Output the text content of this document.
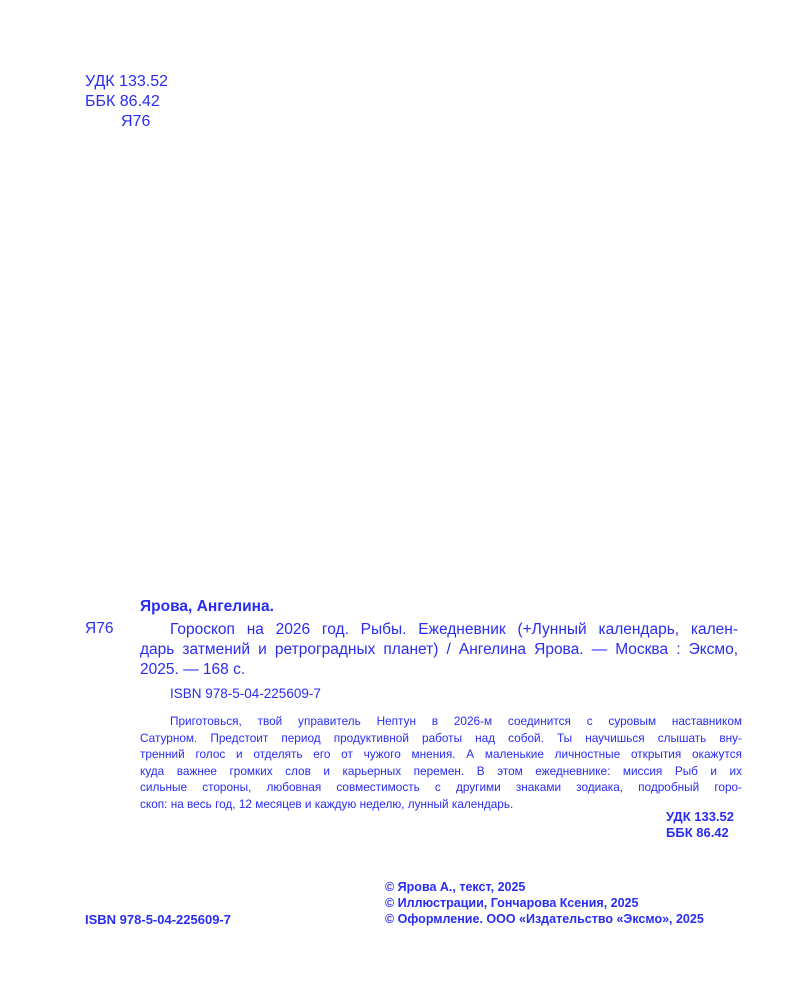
УДК 133.52
ББК 86.42
Я76
Ярова, Ангелина.
Я76	Гороскоп на 2026 год. Рыбы. Ежедневник (+Лунный календарь, кален-
дарь затмений и ретроградных планет) / Ангелина Ярова. — Москва : Эксмо,
2025. — 168 с.
ISBN 978-5-04-225609-7
Приготовься, твой управитель Нептун в 2026-м соединится с суровым наставником
Сатурном. Предстоит период продуктивной работы над собой. Ты научишься слышать вну-
тренний голос и отделять его от чужого мнения. А маленькие личностные открытия окажутся
куда важнее громких слов и карьерных перемен. В этом ежедневнике: миссия Рыб и их
сильные стороны, любовная совместимость с другими знаками зодиака, подробный горо-
скоп: на весь год, 12 месяцев и каждую неделю, лунный календарь.
УДК 133.52
ББК 86.42
© Ярова А., текст, 2025
© Иллюстрации, Гончарова Ксения, 2025
© Оформление. ООО «Издательство «Эксмо», 2025
ISBN 978-5-04-225609-7
